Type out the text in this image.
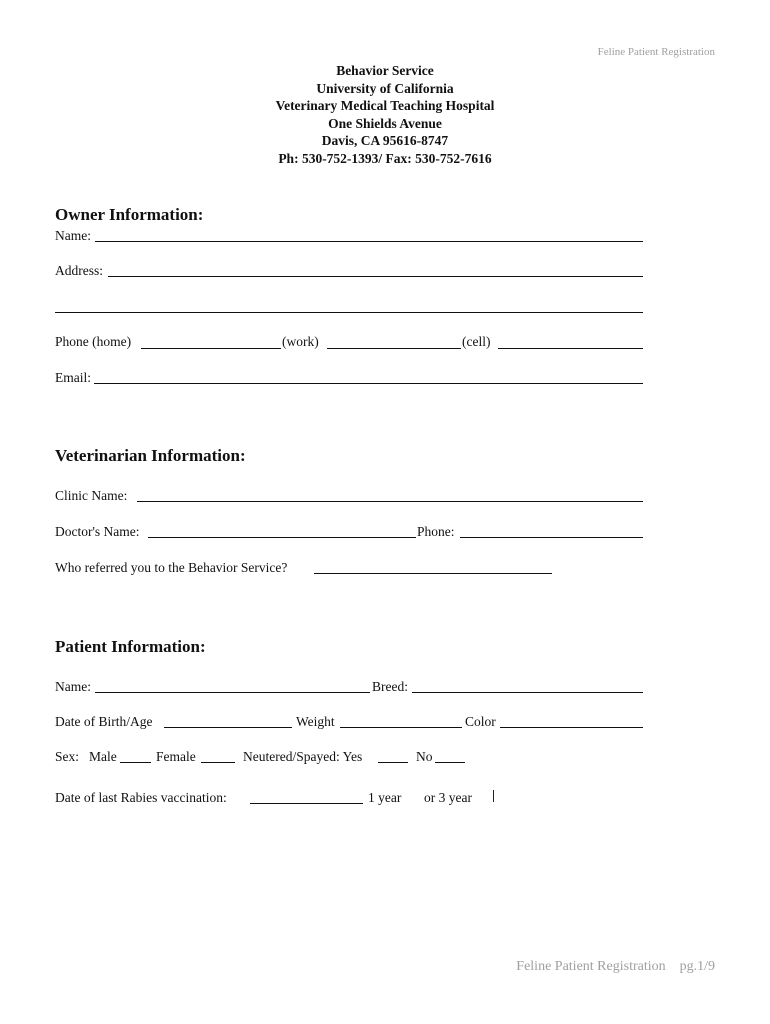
Feline Patient Registration
Behavior Service
University of California
Veterinary Medical Teaching Hospital
One Shields Avenue
Davis, CA 95616-8747
Ph: 530-752-1393/ Fax: 530-752-7616
Owner Information:
Name:
Address:
Phone (home)	(work)	(cell)
Email:
Veterinarian Information:
Clinic Name:
Doctor's Name:	Phone:
Who referred you to the Behavior Service?
Patient Information:
Name:	Breed:
Date of Birth/Age	Weight	Color
Sex: Male	Female	Neutered/Spayed: Yes	No
Date of last Rabies vaccination:	1 year or 3 year
Feline Patient Registration pg.1/9
